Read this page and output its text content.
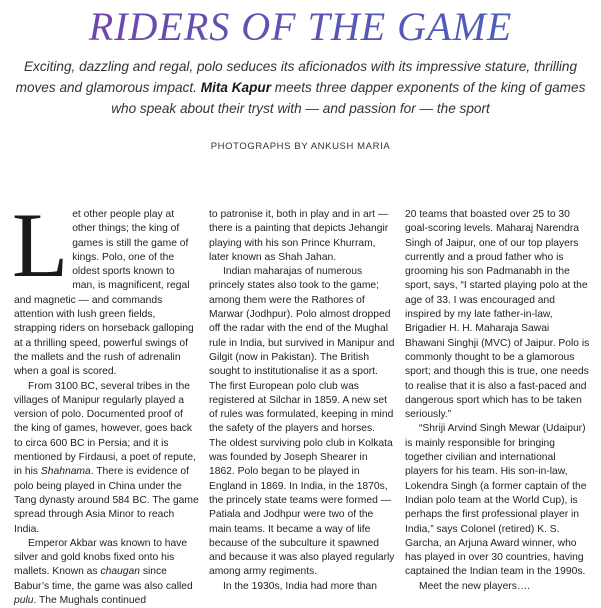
RIDERS OF THE GAME
Exciting, dazzling and regal, polo seduces its aficionados with its impressive stature, thrilling moves and glamorous impact. Mita Kapur meets three dapper exponents of the king of games who speak about their tryst with — and passion for — the sport
PHOTOGRAPHS BY ANKUSH MARIA

Let other people play at other things; the king of games is still the game of kings. Polo, one of the oldest sports known to man, is magnificent, regal and magnetic — and commands attention with lush green fields, strapping riders on horseback galloping at a thrilling speed, powerful swings of the mallets and the rush of adrenalin when a goal is scored.

From 3100 BC, several tribes in the villages of Manipur regularly played a version of polo. Documented proof of the king of games, however, goes back to circa 600 BC in Persia; and it is mentioned by Firdausi, a poet of repute, in his Shahnama. There is evidence of polo being played in China under the Tang dynasty around 584 BC. The game spread through Asia Minor to reach India.

Emperor Akbar was known to have silver and gold knobs fixed onto his mallets. Known as chaugan since Babur’s time, the game was also called pulu. The Mughals continued

to patronise it, both in play and in art — there is a painting that depicts Jehangir playing with his son Prince Khurram, later known as Shah Jahan.

Indian maharajas of numerous princely states also took to the game; among them were the Rathores of Marwar (Jodhpur). Polo almost dropped off the radar with the end of the Mughal rule in India, but survived in Manipur and Gilgit (now in Pakistan). The British sought to institutionalise it as a sport. The first European polo club was registered at Silchar in 1859. A new set of rules was formulated, keeping in mind the safety of the players and horses. The oldest surviving polo club in Kolkata was founded by Joseph Shearer in 1862. Polo began to be played in England in 1869. In India, in the 1870s, the princely state teams were formed — Patiala and Jodhpur were two of the main teams. It became a way of life because of the subculture it spawned and because it was also played regularly among army regiments.

In the 1930s, India had more than

20 teams that boasted over 25 to 30 goal-scoring levels. Maharaj Narendra Singh of Jaipur, one of our top players currently and a proud father who is grooming his son Padmanabh in the sport, says, “I started playing polo at the age of 33. I was encouraged and inspired by my late father-in-law, Brigadier H. H. Maharaja Sawai Bhawani Singhji (MVC) of Jaipur. Polo is commonly thought to be a glamorous sport; and though this is true, one needs to realise that it is also a fast-paced and dangerous sport which has to be taken seriously.”

“Shriji Arvind Singh Mewar (Udaipur) is mainly responsible for bringing together civilian and international players for his team. His son-in-law, Lokendra Singh (a former captain of the Indian polo team at the World Cup), is perhaps the first professional player in India,” says Colonel (retired) K. S. Garcha, an Arjuna Award winner, who has played in over 30 countries, having captained the Indian team in the 1990s.

Meet the new players….
